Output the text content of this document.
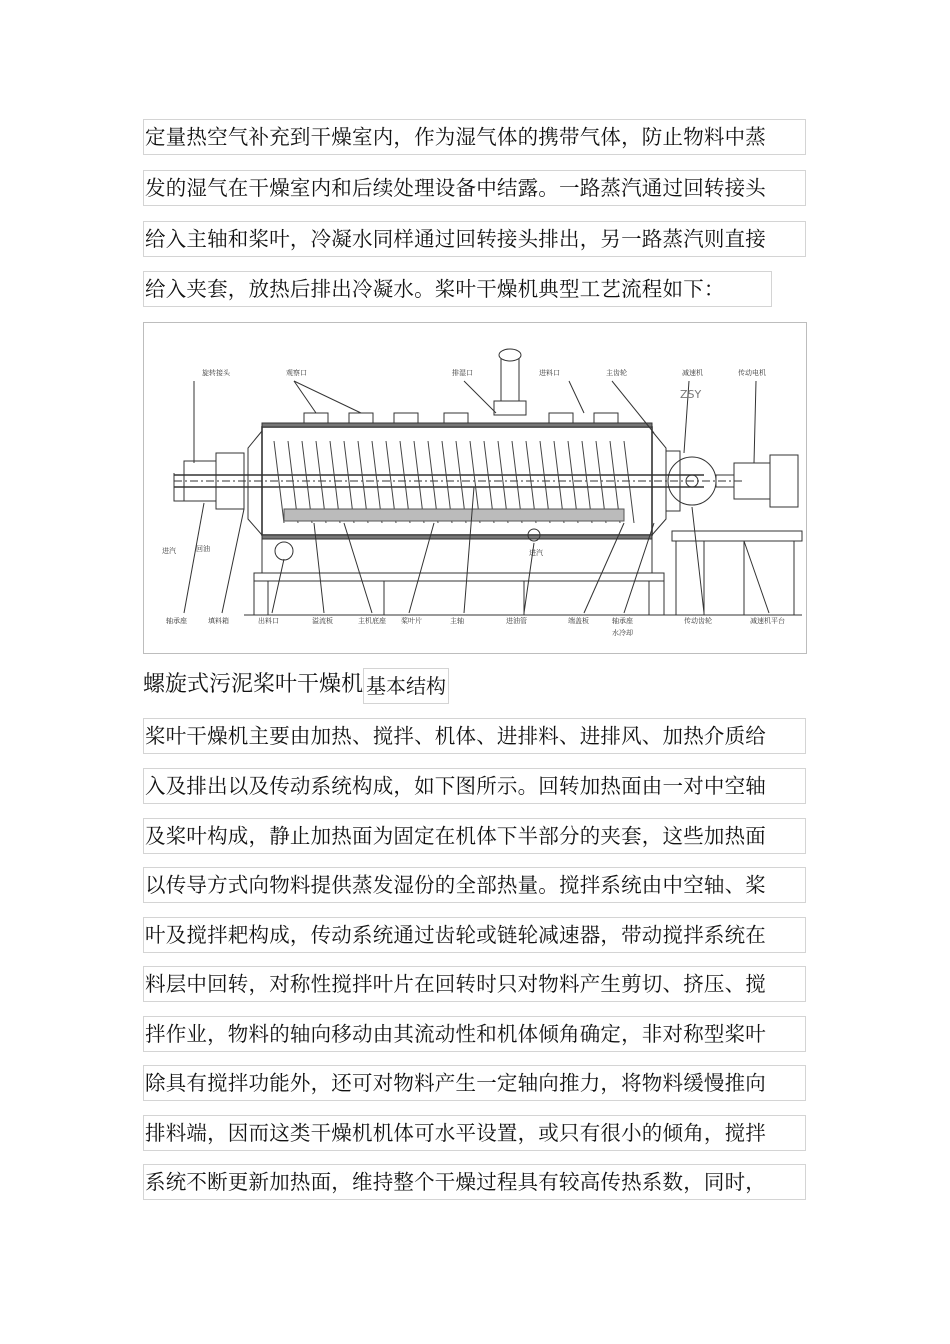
定量热空气补充到干燥室内，作为湿气体的携带气体，防止物料中蒸
发的湿气在干燥室内和后续处理设备中结露。一路蒸汽通过回转接头
给入主轴和桨叶，冷凝水同样通过回转接头排出，另一路蒸汽则直接
给入夹套，放热后排出冷凝水。桨叶干燥机典型工艺流程如下：
旋转接头	观察口	排湿口	进料口	主齿轮	减速机	传动电机
ZSY
进汽	回油	进汽
轴承座	填料箱	出料口	溢流板	主机底座 桨叶片	主轴	进油管	端盖板	轴承座
水冷却
传动齿轮	减速机平台
螺旋式污泥桨叶干燥机 基本结构
桨叶干燥机主要由加热、搅拌、机体、进排料、进排风、加热介质给
入及排出以及传动系统构成，如下图所示。回转加热面由一对中空轴
及桨叶构成，静止加热面为固定在机体下半部分的夹套，这些加热面
以传导方式向物料提供蒸发湿份的全部热量。搅拌系统由中空轴、桨
叶及搅拌耙构成，传动系统通过齿轮或链轮减速器，带动搅拌系统在
料层中回转，对称性搅拌叶片在回转时只对物料产生剪切、挤压、搅
拌作业，物料的轴向移动由其流动性和机体倾角确定，非对称型桨叶
除具有搅拌功能外，还可对物料产生一定轴向推力，将物料缓慢推向
排料端，因而这类干燥机机体可水平设置，或只有很小的倾角，搅拌
系统不断更新加热面，维持整个干燥过程具有较高传热系数，同时，
